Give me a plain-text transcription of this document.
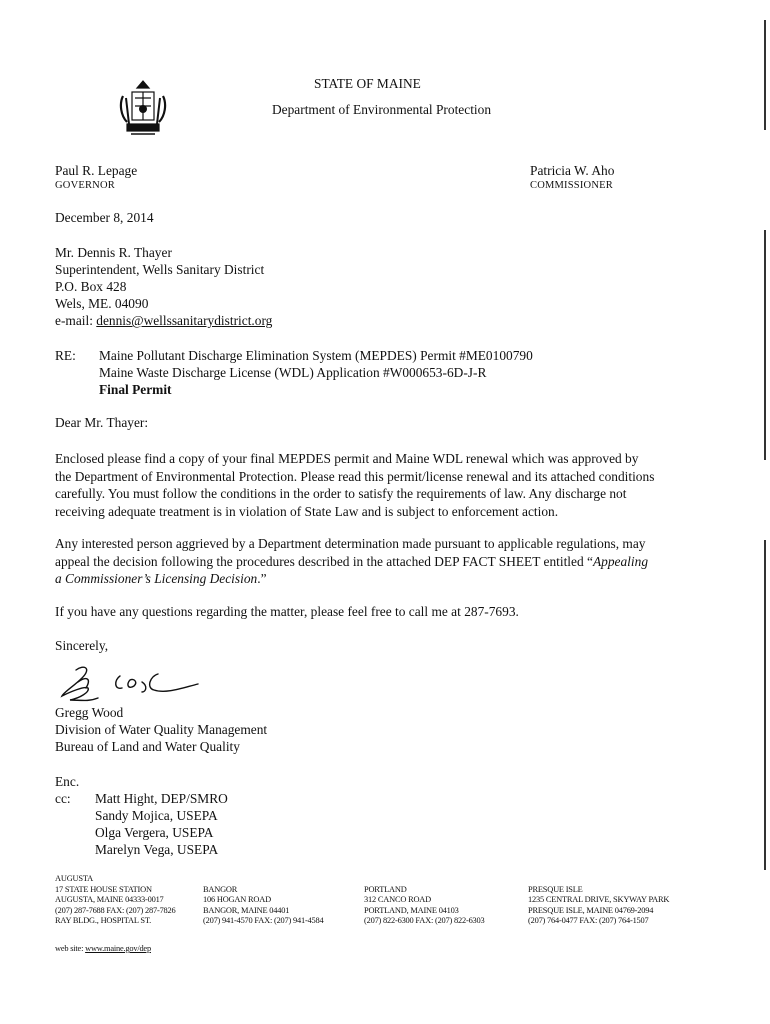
STATE OF MAINE
Department of Environmental Protection
Paul R. Lepage
GOVERNOR
Patricia W. Aho
COMMISSIONER
December 8, 2014
Mr. Dennis R. Thayer
Superintendent, Wells Sanitary District
P.O. Box 428
Wels, ME. 04090
e-mail: dennis@wellssanitarydistrict.org
RE: Maine Pollutant Discharge Elimination System (MEPDES) Permit #ME0100790
Maine Waste Discharge License (WDL) Application #W000653-6D-J-R
Final Permit
Dear Mr. Thayer:
Enclosed please find a copy of your final MEPDES permit and Maine WDL renewal which was approved by
the Department of Environmental Protection. Please read this permit/license renewal and its attached conditions
carefully. You must follow the conditions in the order to satisfy the requirements of law. Any discharge not
receiving adequate treatment is in violation of State Law and is subject to enforcement action.
Any interested person aggrieved by a Department determination made pursuant to applicable regulations, may
appeal the decision following the procedures described in the attached DEP FACT SHEET entitled “Appealing
a Commissioner’s Licensing Decision.”
If you have any questions regarding the matter, please feel free to call me at 287-7693.
Sincerely,
Gregg Wood
Division of Water Quality Management
Bureau of Land and Water Quality
Enc.
cc: Matt Hight, DEP/SMRO
Sandy Mojica, USEPA
Olga Vergera, USEPA
Marelyn Vega, USEPA
AUGUSTA
17 STATE HOUSE STATION
AUGUSTA, MAINE 04333-0017
(207) 287-7688 FAX: (207) 287-7826
RAY BLDG., HOSPITAL ST.
BANGOR
106 HOGAN ROAD
BANGOR, MAINE 04401
(207) 941-4570 FAX: (207) 941-4584
PORTLAND
312 CANCO ROAD
PORTLAND, MAINE 04103
(207) 822-6300 FAX: (207) 822-6303
PRESQUE ISLE
1235 CENTRAL DRIVE, SKYWAY PARK
PRESQUE ISLE, MAINE 04769-2094
(207) 764-0477 FAX: (207) 764-1507
web site: www.maine.gov/dep
